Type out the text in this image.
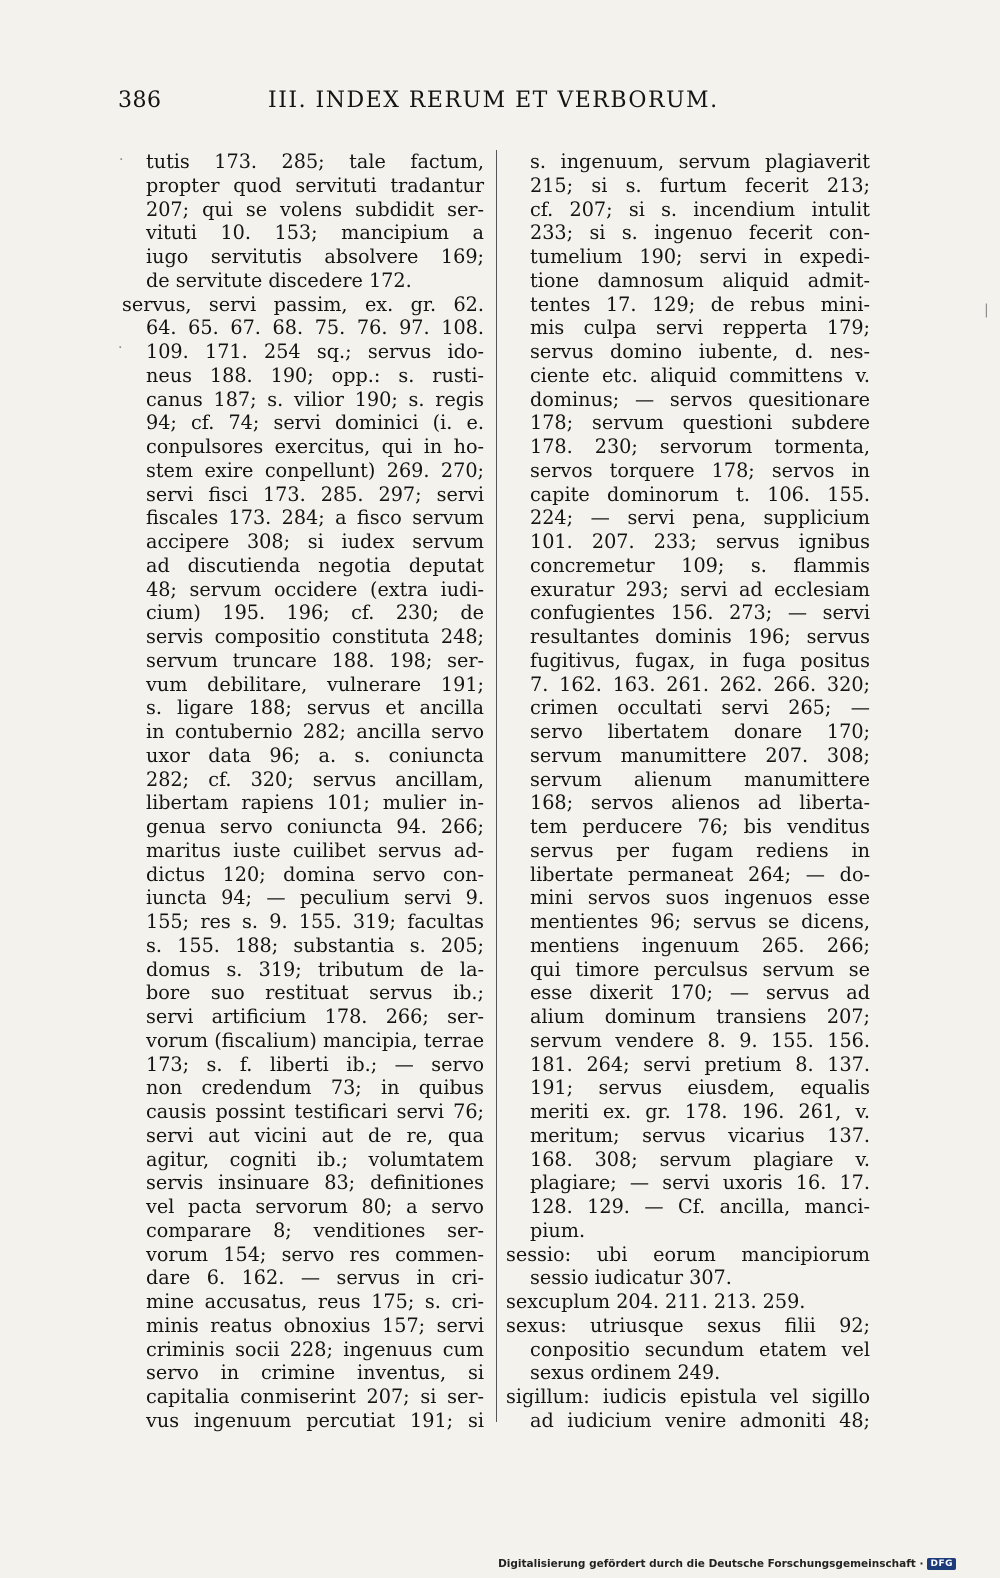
386	III. INDEX RERUM ET VERBORUM.
tutis 173. 285; tale factum,
propter quod servituti tradantur
207; qui se volens subdidit ser-
vituti 10. 153; mancipium a
iugo servitutis absolvere 169;
de servitute discedere 172.
servus, servi passim, ex. gr. 62.
64. 65. 67. 68. 75. 76. 97. 108.
109. 171. 254 sq.; servus ido-
neus 188. 190; opp.: s. rusti-
canus 187; s. vilior 190; s. regis
94; cf. 74; servi dominici (i. e.
conpulsores exercitus, qui in ho-
stem exire conpellunt) 269. 270;
servi fisci 173. 285. 297; servi
fiscales 173. 284; a fisco servum
accipere 308; si iudex servum
ad discutienda negotia deputat
48; servum occidere (extra iudi-
cium) 195. 196; cf. 230; de
servis compositio constituta 248;
servum truncare 188. 198; ser-
vum debilitare, vulnerare 191;
s. ligare 188; servus et ancilla
in contubernio 282; ancilla servo
uxor data 96; a. s. coniuncta
282; cf. 320; servus ancillam,
libertam rapiens 101; mulier in-
genua servo coniuncta 94. 266;
maritus iuste cuilibet servus ad-
dictus 120; domina servo con-
iuncta 94; — peculium servi 9.
155; res s. 9. 155. 319; facultas
s. 155. 188; substantia s. 205;
domus s. 319; tributum de la-
bore suo restituat servus ib.;
servi artificium 178. 266; ser-
vorum (fiscalium) mancipia, terrae
173; s. f. liberti ib.; — servo
non credendum 73; in quibus
causis possint testificari servi 76;
servi aut vicini aut de re, qua
agitur, cogniti ib.; volumtatem
servis insinuare 83; definitiones
vel pacta servorum 80; a servo
comparare 8; venditiones ser-
vorum 154; servo res commen-
dare 6. 162. — servus in cri-
mine accusatus, reus 175; s. cri-
minis reatus obnoxius 157; servi
criminis socii 228; ingenuus cum
servo in crimine inventus, si
capitalia conmiserint 207; si ser-
vus ingenuum percutiat 191; si
s. ingenuum, servum plagiaverit
215; si s. furtum fecerit 213;
cf. 207; si s. incendium intulit
233; si s. ingenuo fecerit con-
tumelium 190; servi in expedi-
tione damnosum aliquid admit-
tentes 17. 129; de rebus mini-
mis culpa servi repperta 179;
servus domino iubente, d. nes-
ciente etc. aliquid committens v.
dominus; — servos quesitionare
178; servum questioni subdere
178. 230; servorum tormenta,
servos torquere 178; servos in
capite dominorum t. 106. 155.
224; — servi pena, supplicium
101. 207. 233; servus ignibus
concremetur 109; s. flammis
exuratur 293; servi ad ecclesiam
confugientes 156. 273; — servi
resultantes dominis 196; servus
fugitivus, fugax, in fuga positus
7. 162. 163. 261. 262. 266. 320;
crimen occultati servi 265; —
servo libertatem donare 170;
servum manumittere 207. 308;
servum alienum manumittere
168; servos alienos ad liberta-
tem perducere 76; bis venditus
servus per fugam rediens in
libertate permaneat 264; — do-
mini servos suos ingenuos esse
mentientes 96; servus se dicens,
mentiens ingenuum 265. 266;
qui timore perculsus servum se
esse dixerit 170; — servus ad
alium dominum transiens 207;
servum vendere 8. 9. 155. 156.
181. 264; servi pretium 8. 137.
191; servus eiusdem, equalis
meriti ex. gr. 178. 196. 261, v.
meritum; servus vicarius 137.
168. 308; servum plagiare v.
plagiare; — servi uxoris 16. 17.
128. 129. — Cf. ancilla, manci-
pium.
sessio: ubi eorum mancipiorum
sessio iudicatur 307.
sexcuplum 204. 211. 213. 259.
sexus: utriusque sexus filii 92;
conpositio secundum etatem vel
sexus ordinem 249.
sigillum: iudicis epistula vel sigillo
ad iudicium venire admoniti 48;
·
·
|
Digitalisierung gefördert durch die Deutsche Forschungsgemeinschaft · DFG
